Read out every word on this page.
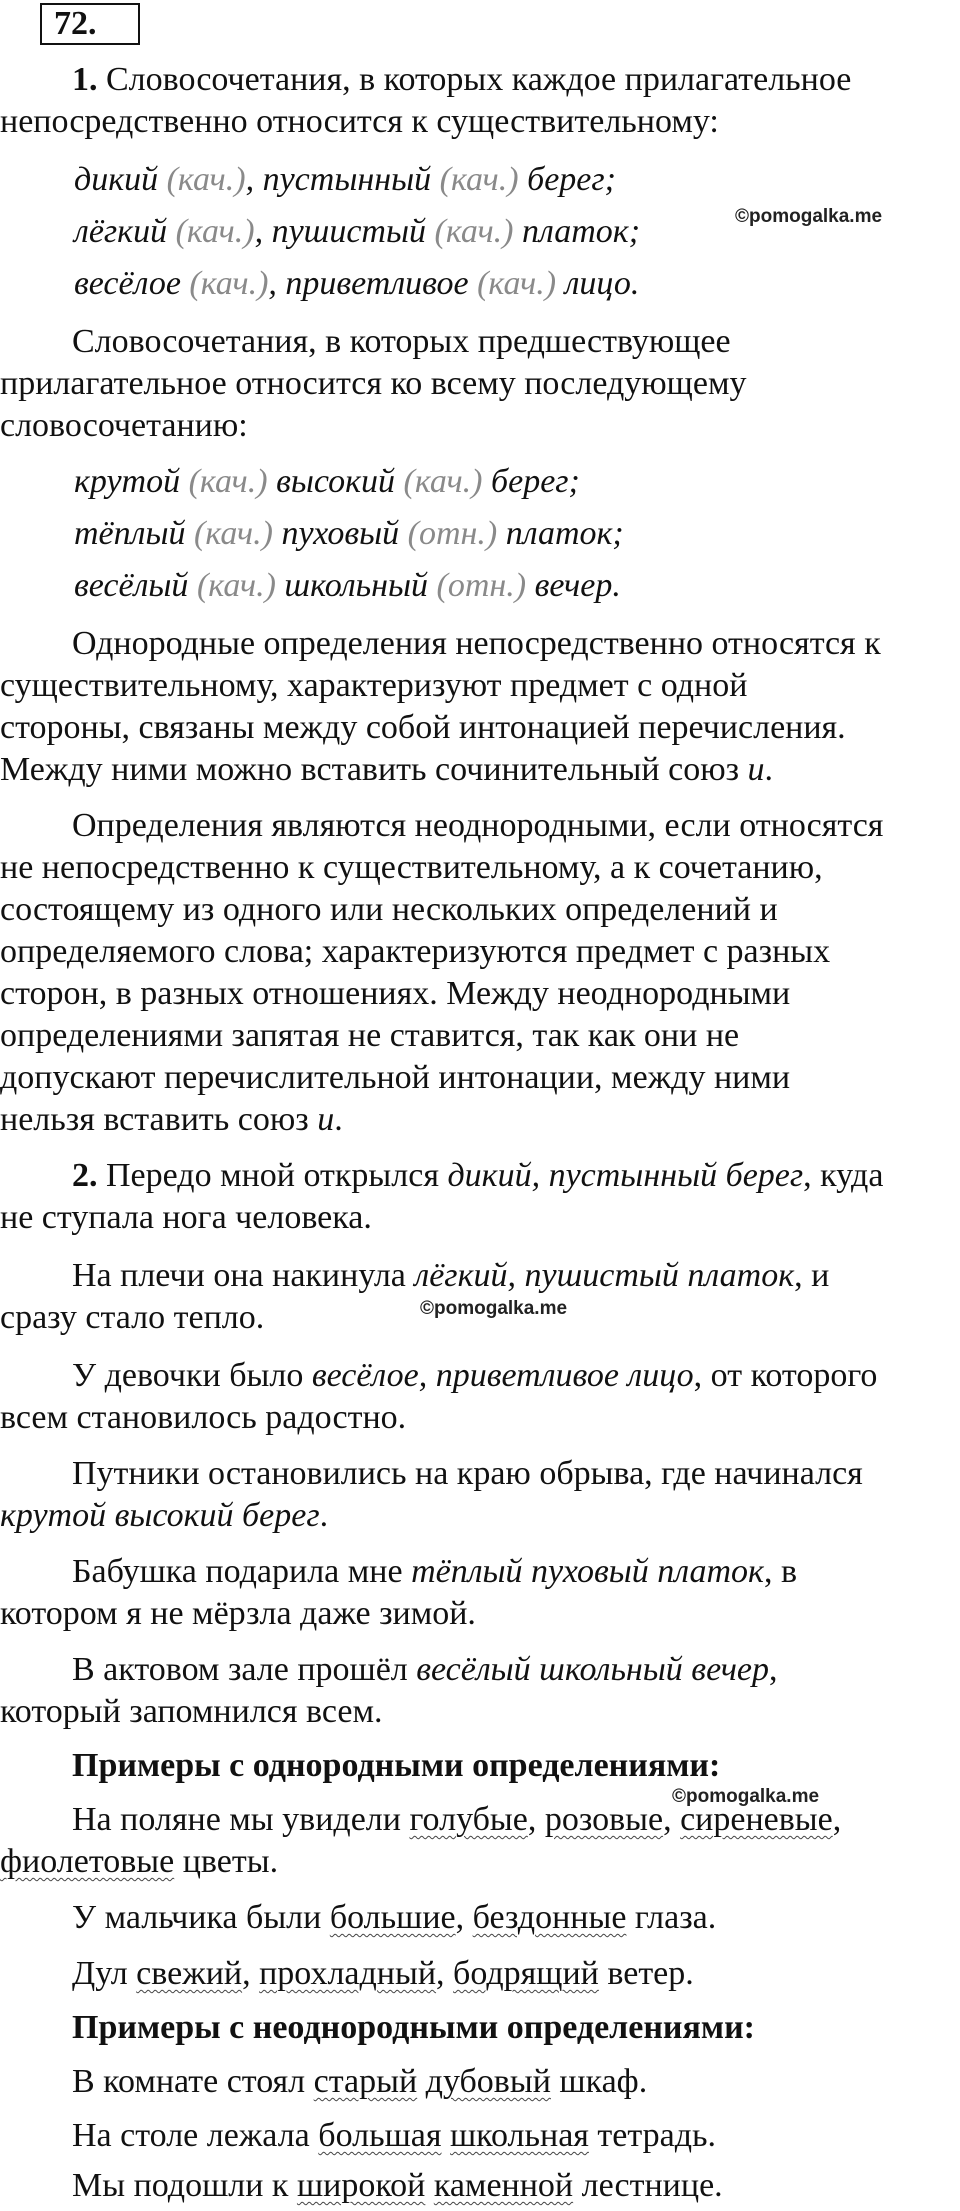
72.
1. Словосочетания, в которых каждое прилагательное
непосредственно относится к существительному:
дикий (кач.), пустынный (кач.) берег;
лёгкий (кач.), пушистый (кач.) платок;
весёлое (кач.), приветливое (кач.) лицо.
©pomogalka.me
Словосочетания, в которых предшествующее
прилагательное относится ко всему последующему
словосочетанию:
крутой (кач.) высокий (кач.) берег;
тёплый (кач.) пуховый (отн.) платок;
весёлый (кач.) школьный (отн.) вечер.
Однородные определения непосредственно относятся к
существительному, характеризуют предмет с одной
стороны, связаны между собой интонацией перечисления.
Между ними можно вставить сочинительный союз и.
Определения являются неоднородными, если относятся
не непосредственно к существительному, а к сочетанию,
состоящему из одного или нескольких определений и
определяемого слова; характеризуются предмет с разных
сторон, в разных отношениях. Между неоднородными
определениями запятая не ставится, так как они не
допускают перечислительной интонации, между ними
нельзя вставить союз и.
2. Передо мной открылся дикий, пустынный берег, куда
не ступала нога человека.
На плечи она накинула лёгкий, пушистый платок, и
сразу стало тепло.	©pomogalka.me
У девочки было весёлое, приветливое лицо, от которого
всем становилось радостно.
Путники остановились на краю обрыва, где начинался
крутой высокий берег.
Бабушка подарила мне тёплый пуховый платок, в
котором я не мёрзла даже зимой.
В актовом зале прошёл весёлый школьный вечер,
который запомнился всем.
Примеры с однородными определениями:
©pomogalka.me
На поляне мы увидели голубые, розовые, сиреневые,
фиолетовые цветы.
У мальчика были большие, бездонные глаза.
Дул свежий, прохладный, бодрящий ветер.
Примеры с неоднородными определениями:
В комнате стоял старый дубовый шкаф.
На столе лежала большая школьная тетрадь.
Мы подошли к широкой каменной лестнице.
